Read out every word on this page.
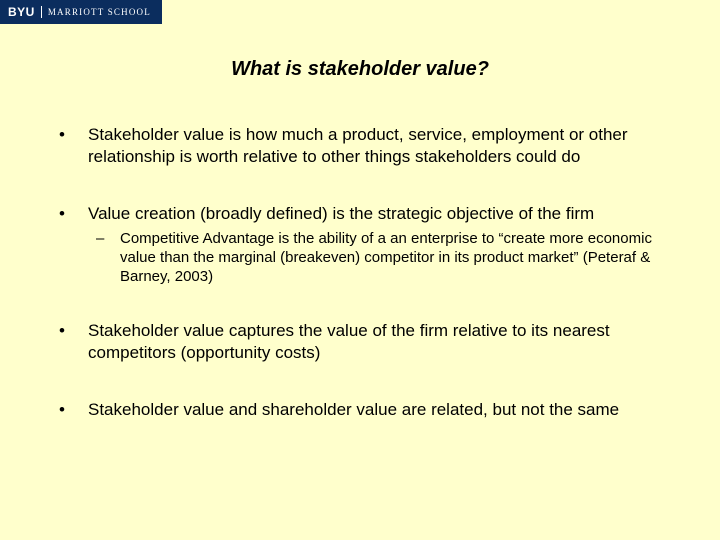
BYU MARRIOTT SCHOOL
What is stakeholder value?
• Stakeholder value is how much a product, service, employment or other relationship is worth relative to other things stakeholders could do
• Value creation (broadly defined) is the strategic objective of the firm
– Competitive Advantage is the ability of a an enterprise to “create more economic value than the marginal (breakeven) competitor in its product market” (Peteraf & Barney, 2003)
• Stakeholder value captures the value of the firm relative to its nearest competitors (opportunity costs)
• Stakeholder value and shareholder value are related, but not the same
